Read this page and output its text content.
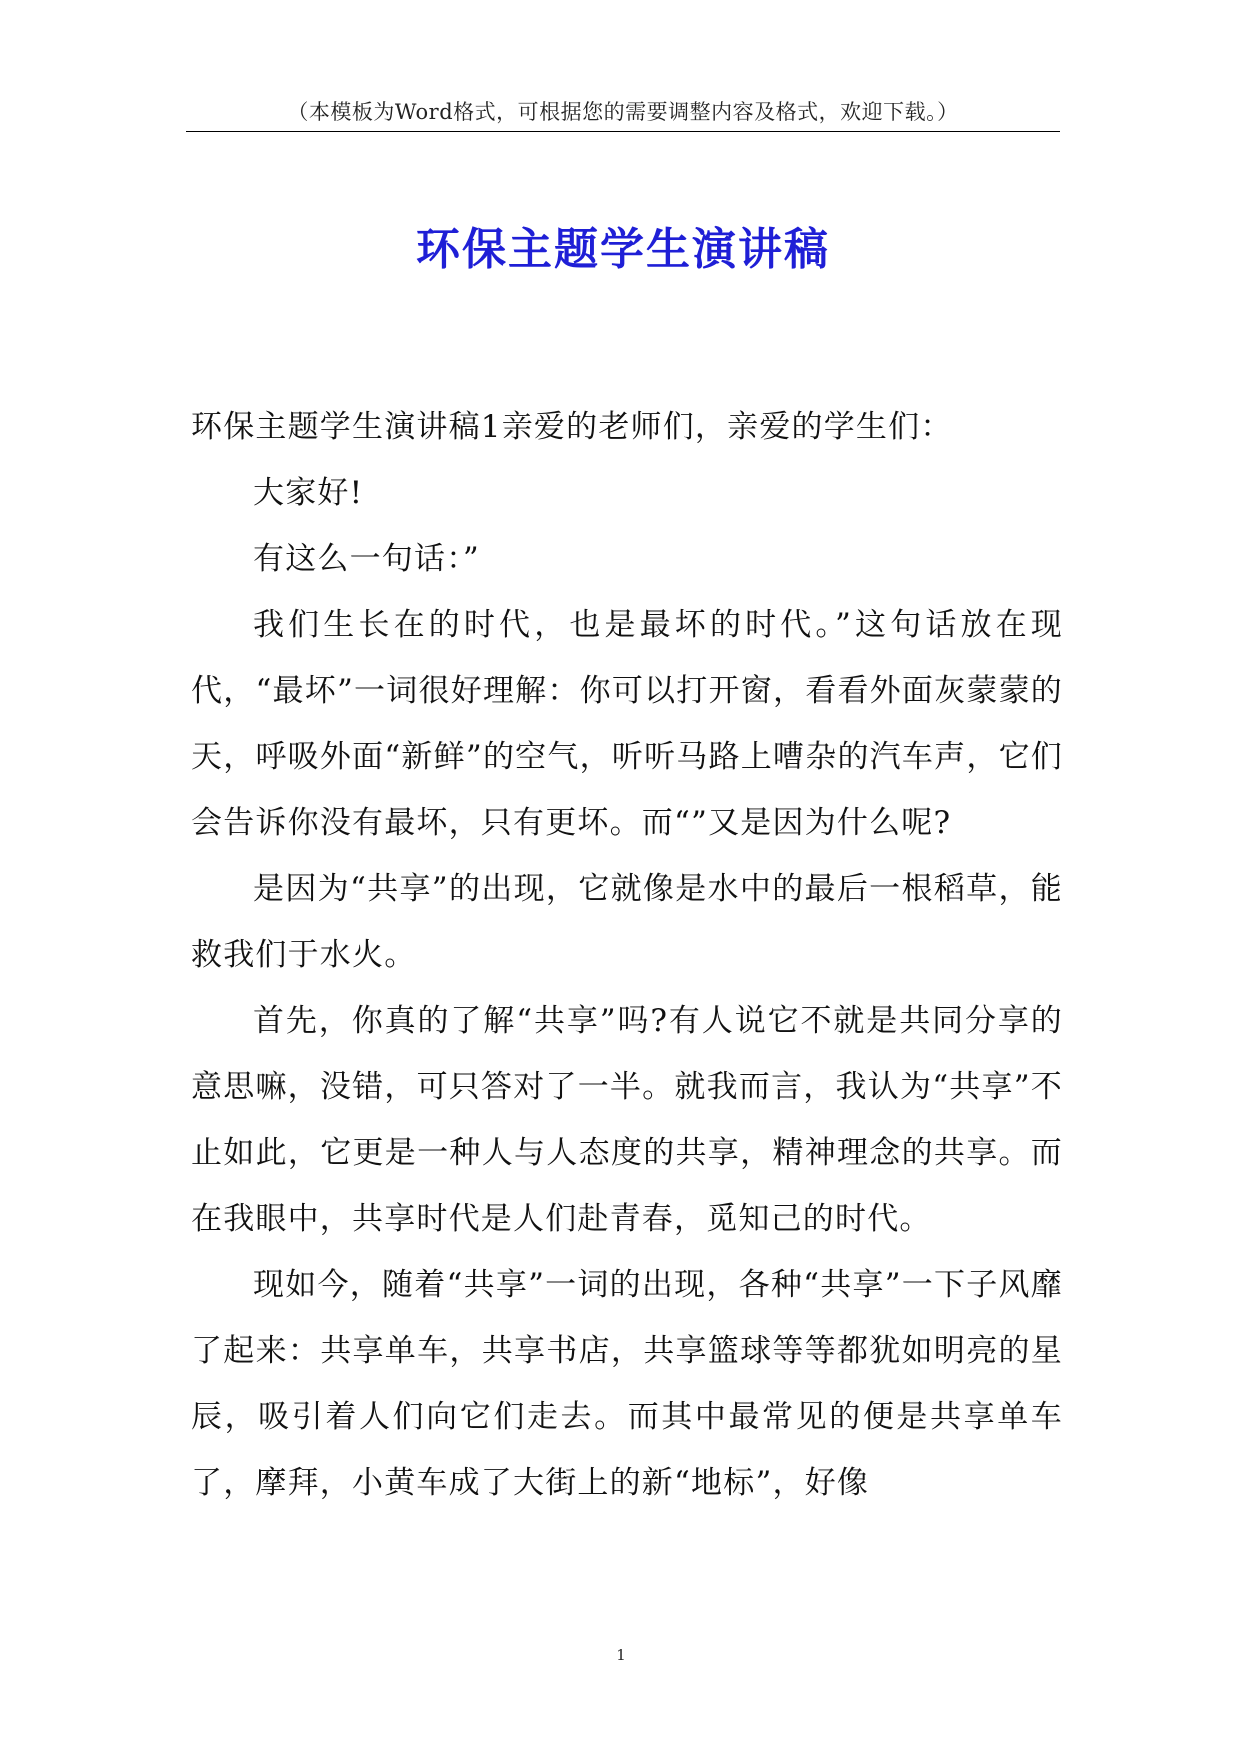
（本模板为Word格式，可根据您的需要调整内容及格式，欢迎下载。）
环保主题学生演讲稿

环保主题学生演讲稿1亲爱的老师们，亲爱的学生们：

大家好!

有这么一句话：”

我们生长在的时代，也是最坏的时代。”这句话放在现代，“最坏”一词很好理解：你可以打开窗，看看外面灰蒙蒙的天，呼吸外面“新鲜”的空气，听听马路上嘈杂的汽车声，它们会告诉你没有最坏，只有更坏。而“”又是因为什么呢?

是因为“共享”的出现，它就像是水中的最后一根稻草，能救我们于水火。

首先，你真的了解“共享”吗?有人说它不就是共同分享的意思嘛，没错，可只答对了一半。就我而言，我认为“共享”不止如此，它更是一种人与人态度的共享，精神理念的共享。而在我眼中，共享时代是人们赴青春，觅知己的时代。

现如今，随着“共享”一词的出现，各种“共享”一下子风靡了起来：共享单车，共享书店，共享篮球等等都犹如明亮的星辰，吸引着人们向它们走去。而其中最常见的便是共享单车了，摩拜，小黄车成了大街上的新“地标”，好像

1
